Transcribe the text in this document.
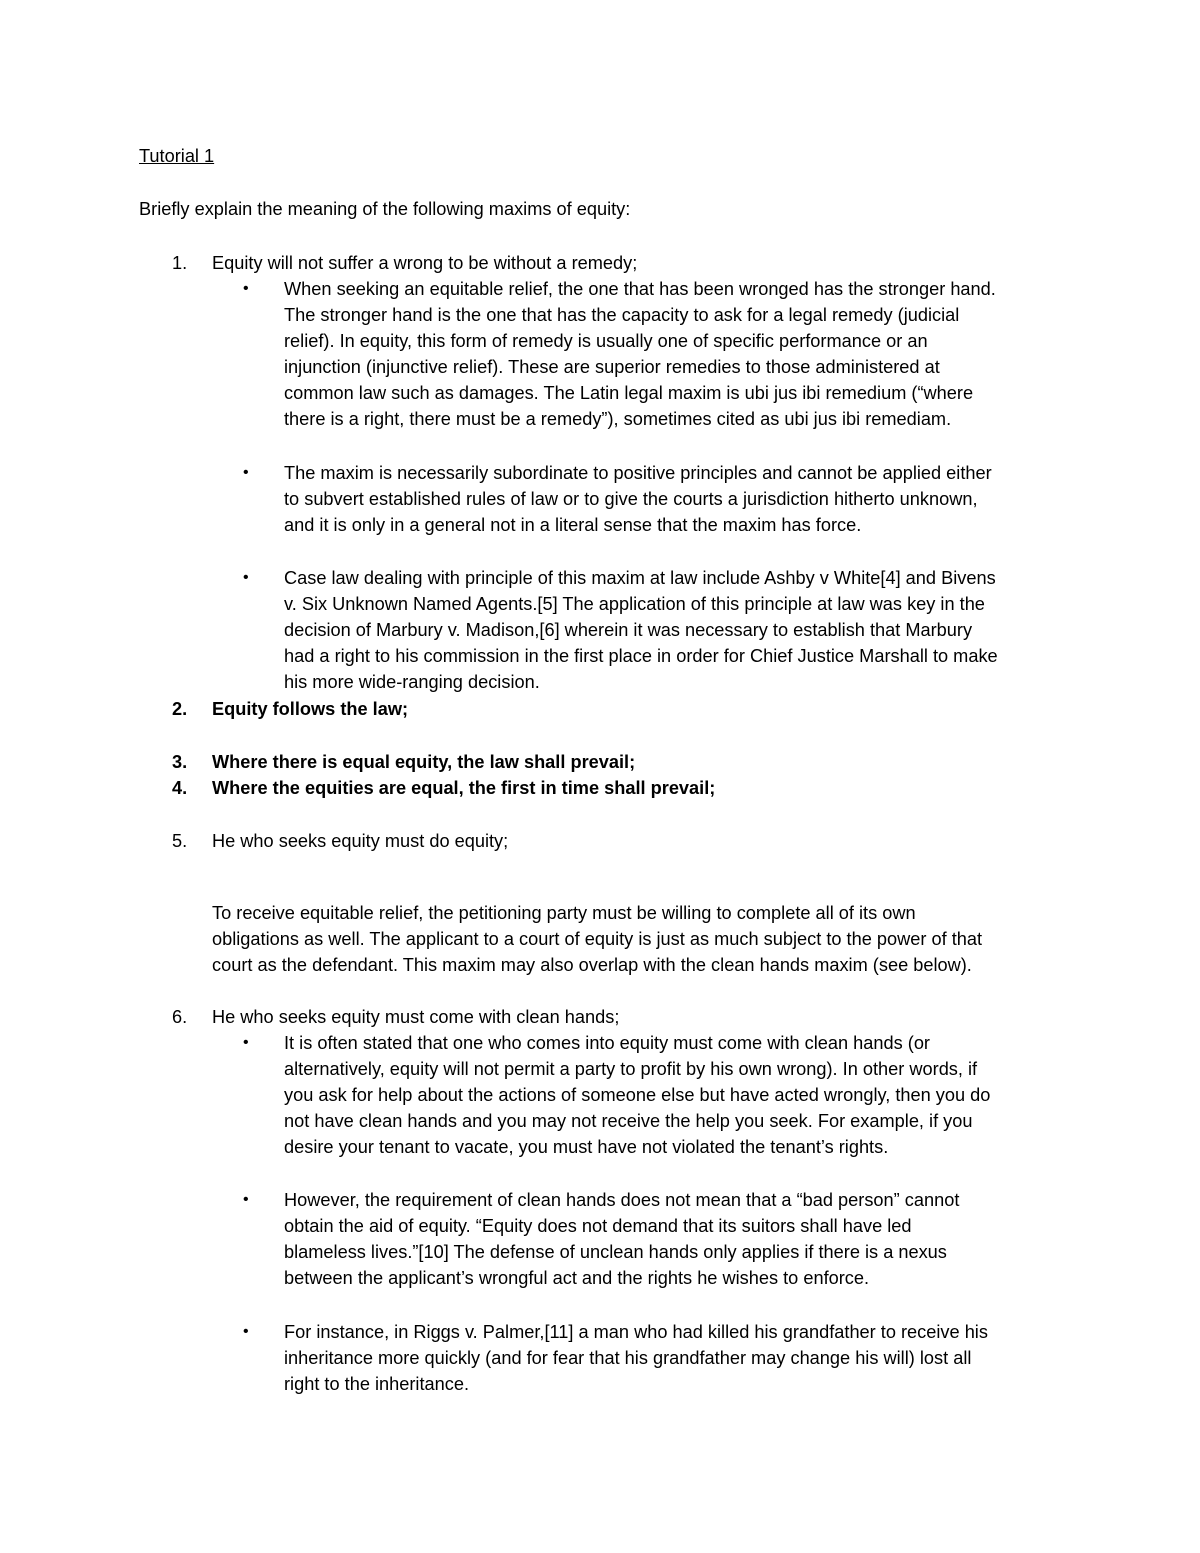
Tutorial 1
Briefly explain the meaning of the following maxims of equity:
1.	Equity will not suffer a wrong to be without a remedy;
• When seeking an equitable relief, the one that has been wronged has the stronger hand.
The stronger hand is the one that has the capacity to ask for a legal remedy (judicial
relief). In equity, this form of remedy is usually one of specific performance or an
injunction (injunctive relief). These are superior remedies to those administered at
common law such as damages. The Latin legal maxim is ubi jus ibi remedium (“where
there is a right, there must be a remedy”), sometimes cited as ubi jus ibi remediam.
• The maxim is necessarily subordinate to positive principles and cannot be applied either
to subvert established rules of law or to give the courts a jurisdiction hitherto unknown,
and it is only in a general not in a literal sense that the maxim has force.
• Case law dealing with principle of this maxim at law include Ashby v White[4] and Bivens
v. Six Unknown Named Agents.[5] The application of this principle at law was key in the
decision of Marbury v. Madison,[6] wherein it was necessary to establish that Marbury
had a right to his commission in the first place in order for Chief Justice Marshall to make
his more wide-ranging decision.
2.	Equity follows the law;
3.	Where there is equal equity, the law shall prevail;
4.	Where the equities are equal, the first in time shall prevail;
5.	He who seeks equity must do equity;
To receive equitable relief, the petitioning party must be willing to complete all of its own
obligations as well. The applicant to a court of equity is just as much subject to the power of that
court as the defendant. This maxim may also overlap with the clean hands maxim (see below).
6.	He who seeks equity must come with clean hands;
• It is often stated that one who comes into equity must come with clean hands (or
alternatively, equity will not permit a party to profit by his own wrong). In other words, if
you ask for help about the actions of someone else but have acted wrongly, then you do
not have clean hands and you may not receive the help you seek. For example, if you
desire your tenant to vacate, you must have not violated the tenant’s rights.
• However, the requirement of clean hands does not mean that a “bad person” cannot
obtain the aid of equity. “Equity does not demand that its suitors shall have led
blameless lives.”[10] The defense of unclean hands only applies if there is a nexus
between the applicant’s wrongful act and the rights he wishes to enforce.
• For instance, in Riggs v. Palmer,[11] a man who had killed his grandfather to receive his
inheritance more quickly (and for fear that his grandfather may change his will) lost all
right to the inheritance.
